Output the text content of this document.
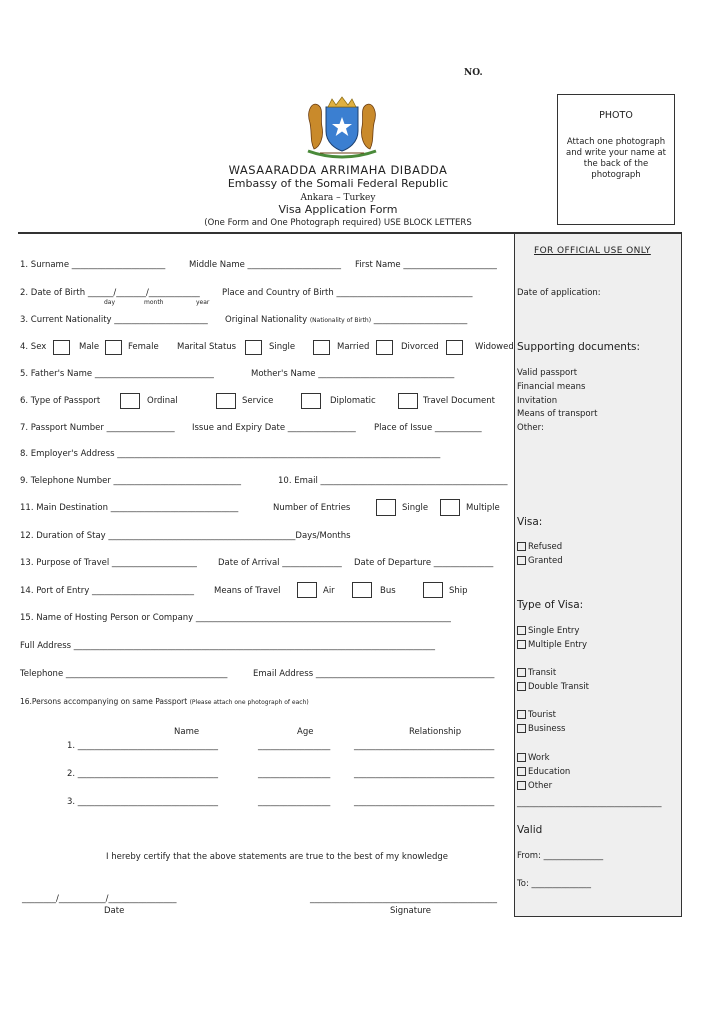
NO.
WASAARADDA ARRIMAHA DIBADDA
Embassy of the Somali Federal Republic
Ankara – Turkey
Visa Application Form
(One Form and One Photograph required) USE BLOCK LETTERS
PHOTO
Attach one photograph and write your name at the back of the photograph
1. Surname ______________________	Middle Name ______________________ First Name ______________________
2. Date of Birth ______/_______/____________
day	month	year
Place and Country of Birth ________________________________
3. Current Nationality ______________________ Original Nationality (Nationality of Birth) ______________________
4. Sex	Male	Female Marital Status	Single	Married	Divorced	Widowed
5. Father's Name ____________________________	Mother's Name ________________________________
6. Type of Passport	Ordinal	Service	Diplomatic	Travel Document
7. Passport Number ________________ Issue and Expiry Date ________________ Place of Issue ___________
8. Employer's Address ____________________________________________________________________________
9. Telephone Number ______________________________	10. Email ____________________________________________
11. Main Destination ______________________________	Number of Entries	Single	Multiple
12. Duration of Stay ____________________________________________Days/Months
13. Purpose of Travel ____________________ Date of Arrival ______________ Date of Departure ______________
14. Port of Entry ________________________ Means of Travel	Air	Bus	Ship
15. Name of Hosting Person or Company ____________________________________________________________
Full Address _____________________________________________________________________________________
Telephone ______________________________________	Email Address __________________________________________
16.Persons accompanying on same Passport (Please attach one photograph of each)
Name	Age	Relationship
1. _________________________________	_________________	_________________________________
2. _________________________________	_________________	_________________________________
3. _________________________________	_________________	_________________________________
I hereby certify that the above statements are true to the best of my knowledge
________/___________/________________	____________________________________________
Date	Signature
FOR OFFICIAL USE ONLY
Date of application:
Supporting documents:
Valid passport
Financial means
Invitation
Means of transport
Other:
Visa:
Refused
Granted
Type of Visa:
Single Entry
Multiple Entry
Transit
Double Transit
Tourist
Business
Work
Education
Other
__________________________________
Valid
From: ______________
To: ______________
